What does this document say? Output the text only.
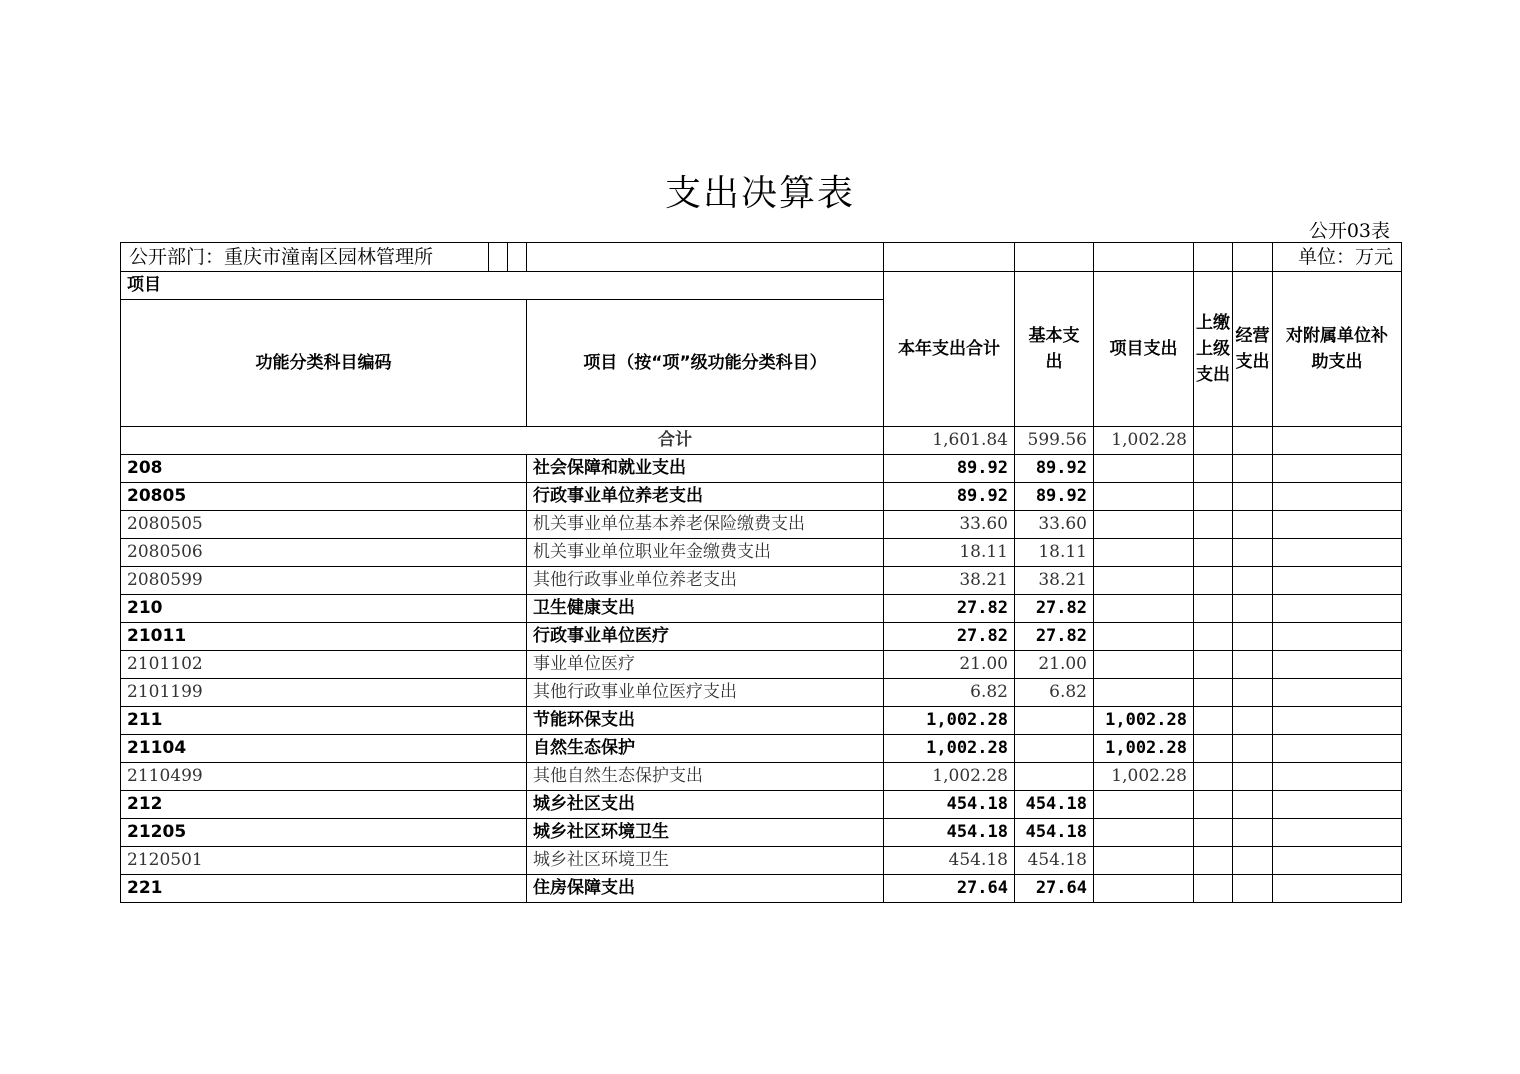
支出决算表
公开03表
公开部门：重庆市潼南区园林管理所							单位：万元
项目		本年支出合计	基本支出	项目支出	上缴上级支出	经营支出	对附属单位补助支出
功能分类科目编码	项目（按“项”级功能分类科目）						
合计		1,601.84	599.56	1,002.28			
208	社会保障和就业支出	89.92	89.92				
20805	行政事业单位养老支出	89.92	89.92				
2080505	机关事业单位基本养老保险缴费支出	33.60	33.60				
2080506	机关事业单位职业年金缴费支出	18.11	18.11				
2080599	其他行政事业单位养老支出	38.21	38.21				
210	卫生健康支出	27.82	27.82				
21011	行政事业单位医疗	27.82	27.82				
2101102	事业单位医疗	21.00	21.00				
2101199	其他行政事业单位医疗支出	6.82	6.82				
211	节能环保支出	1,002.28		1,002.28			
21104	自然生态保护	1,002.28		1,002.28			
2110499	其他自然生态保护支出	1,002.28		1,002.28			
212	城乡社区支出	454.18	454.18				
21205	城乡社区环境卫生	454.18	454.18				
2120501	城乡社区环境卫生	454.18	454.18				
221	住房保障支出	27.64	27.64				
